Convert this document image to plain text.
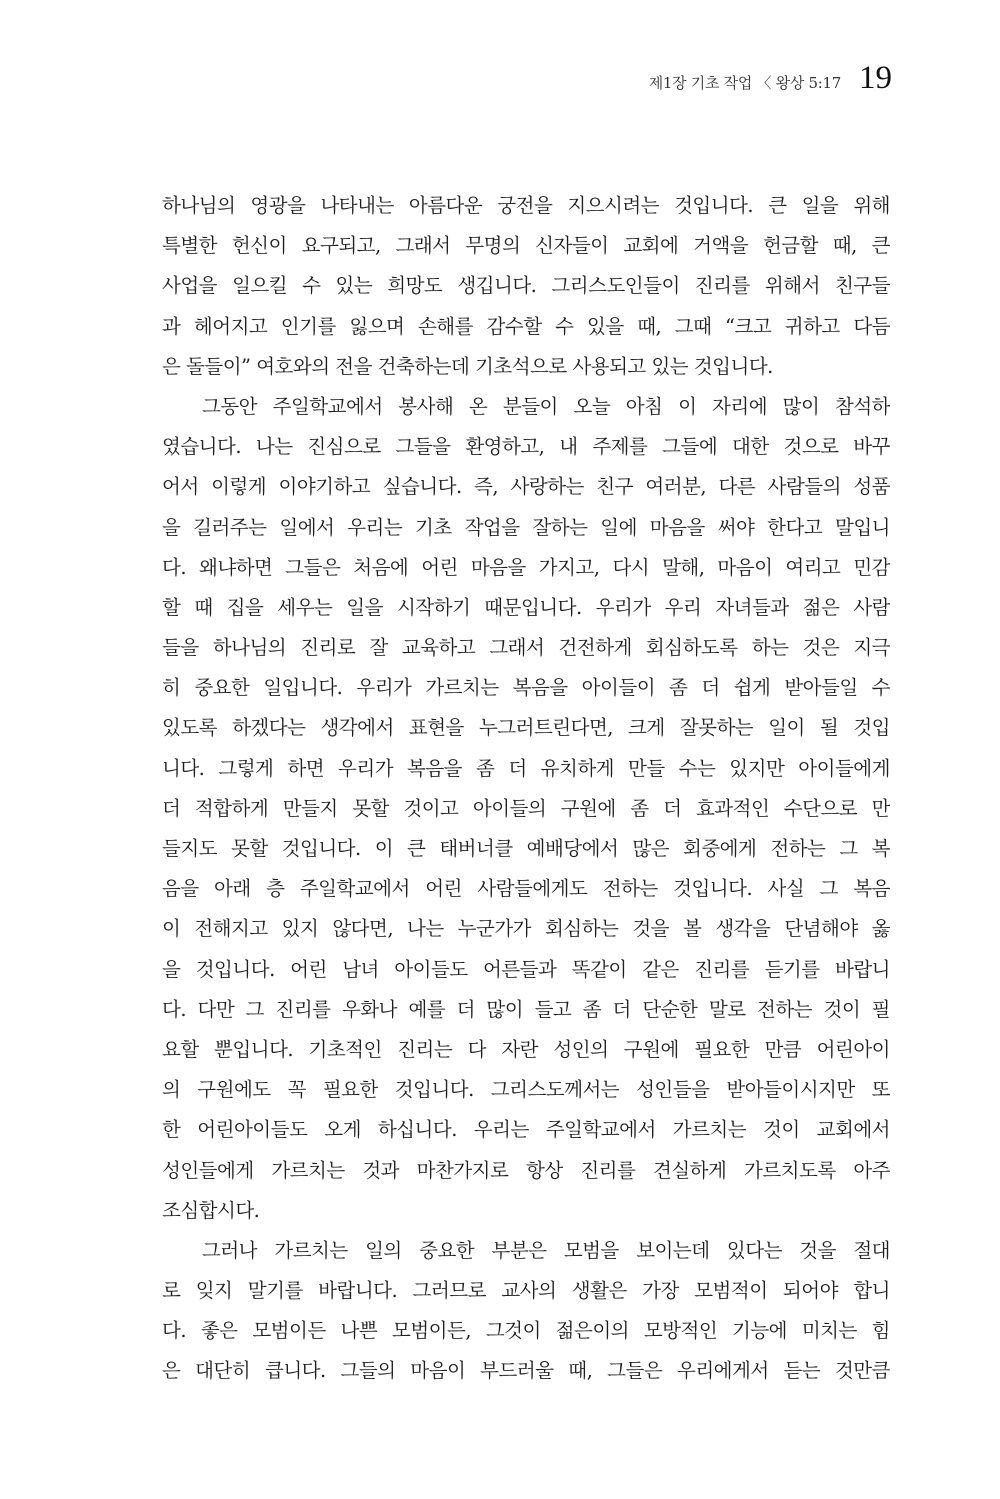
제1장 기초 작업 〈 왕상 5:17 19
하나님의 영광을 나타내는 아름다운 궁전을 지으시려는 것입니다. 큰 일을 위해
특별한 헌신이 요구되고, 그래서 무명의 신자들이 교회에 거액을 헌금할 때, 큰
사업을 일으킬 수 있는 희망도 생깁니다. 그리스도인들이 진리를 위해서 친구들
과 헤어지고 인기를 잃으며 손해를 감수할 수 있을 때, 그때 “크고 귀하고 다듬
은 돌들이” 여호와의 전을 건축하는데 기초석으로 사용되고 있는 것입니다.
그동안 주일학교에서 봉사해 온 분들이 오늘 아침 이 자리에 많이 참석하
였습니다. 나는 진심으로 그들을 환영하고, 내 주제를 그들에 대한 것으로 바꾸
어서 이렇게 이야기하고 싶습니다. 즉, 사랑하는 친구 여러분, 다른 사람들의 성품
을 길러주는 일에서 우리는 기초 작업을 잘하는 일에 마음을 써야 한다고 말입니
다. 왜냐하면 그들은 처음에 어린 마음을 가지고, 다시 말해, 마음이 여리고 민감
할 때 집을 세우는 일을 시작하기 때문입니다. 우리가 우리 자녀들과 젊은 사람
들을 하나님의 진리로 잘 교육하고 그래서 건전하게 회심하도록 하는 것은 지극
히 중요한 일입니다. 우리가 가르치는 복음을 아이들이 좀 더 쉽게 받아들일 수
있도록 하겠다는 생각에서 표현을 누그러트린다면, 크게 잘못하는 일이 될 것입
니다. 그렇게 하면 우리가 복음을 좀 더 유치하게 만들 수는 있지만 아이들에게
더 적합하게 만들지 못할 것이고 아이들의 구원에 좀 더 효과적인 수단으로 만
들지도 못할 것입니다. 이 큰 태버너클 예배당에서 많은 회중에게 전하는 그 복
음을 아래 층 주일학교에서 어린 사람들에게도 전하는 것입니다. 사실 그 복음
이 전해지고 있지 않다면, 나는 누군가가 회심하는 것을 볼 생각을 단념해야 옳
을 것입니다. 어린 남녀 아이들도 어른들과 똑같이 같은 진리를 듣기를 바랍니
다. 다만 그 진리를 우화나 예를 더 많이 들고 좀 더 단순한 말로 전하는 것이 필
요할 뿐입니다. 기초적인 진리는 다 자란 성인의 구원에 필요한 만큼 어린아이
의 구원에도 꼭 필요한 것입니다. 그리스도께서는 성인들을 받아들이시지만 또
한 어린아이들도 오게 하십니다. 우리는 주일학교에서 가르치는 것이 교회에서
성인들에게 가르치는 것과 마찬가지로 항상 진리를 견실하게 가르치도록 아주
조심합시다.
그러나 가르치는 일의 중요한 부분은 모범을 보이는데 있다는 것을 절대
로 잊지 말기를 바랍니다. 그러므로 교사의 생활은 가장 모범적이 되어야 합니
다. 좋은 모범이든 나쁜 모범이든, 그것이 젊은이의 모방적인 기능에 미치는 힘
은 대단히 큽니다. 그들의 마음이 부드러울 때, 그들은 우리에게서 듣는 것만큼
